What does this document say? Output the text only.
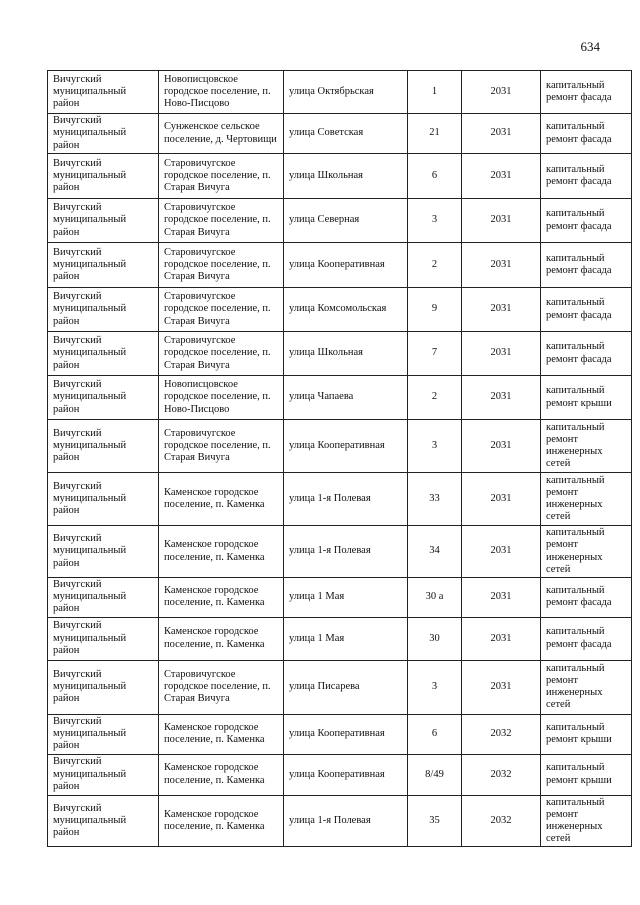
634
Вичугский муниципальный район	Новописцовское городское поселение, п. Ново-Писцово	улица Октябрьская	1	2031	капитальный ремонт фасада
Вичугский муниципальный район	Сунженское сельское поселение, д. Чертовищи	улица Советская	21	2031	капитальный ремонт фасада
Вичугский муниципальный район	Старовичугское городское поселение, п. Старая Вичуга	улица Школьная	6	2031	капитальный ремонт фасада
Вичугский муниципальный район	Старовичугское городское поселение, п. Старая Вичуга	улица Северная	3	2031	капитальный ремонт фасада
Вичугский муниципальный район	Старовичугское городское поселение, п. Старая Вичуга	улица Кооперативная	2	2031	капитальный ремонт фасада
Вичугский муниципальный район	Старовичугское городское поселение, п. Старая Вичуга	улица Комсомольская	9	2031	капитальный ремонт фасада
Вичугский муниципальный район	Старовичугское городское поселение, п. Старая Вичуга	улица Школьная	7	2031	капитальный ремонт фасада
Вичугский муниципальный район	Новописцовское городское поселение, п. Ново-Писцово	улица Чапаева	2	2031	капитальный ремонт крыши
Вичугский муниципальный район	Старовичугское городское поселение, п. Старая Вичуга	улица Кооперативная	3	2031	капитальный ремонт инженерных сетей
Вичугский муниципальный район	Каменское городское поселение, п. Каменка	улица 1-я Полевая	33	2031	капитальный ремонт инженерных сетей
Вичугский муниципальный район	Каменское городское поселение, п. Каменка	улица 1-я Полевая	34	2031	капитальный ремонт инженерных сетей
Вичугский муниципальный район	Каменское городское поселение, п. Каменка	улица 1 Мая	30 а	2031	капитальный ремонт фасада
Вичугский муниципальный район	Каменское городское поселение, п. Каменка	улица 1 Мая	30	2031	капитальный ремонт фасада
Вичугский муниципальный район	Старовичугское городское поселение, п. Старая Вичуга	улица Писарева	3	2031	капитальный ремонт инженерных сетей
Вичугский муниципальный район	Каменское городское поселение, п. Каменка	улица Кооперативная	6	2032	капитальный ремонт крыши
Вичугский муниципальный район	Каменское городское поселение, п. Каменка	улица Кооперативная	8/49	2032	капитальный ремонт крыши
Вичугский муниципальный район	Каменское городское поселение, п. Каменка	улица 1-я Полевая	35	2032	капитальный ремонт инженерных сетей
